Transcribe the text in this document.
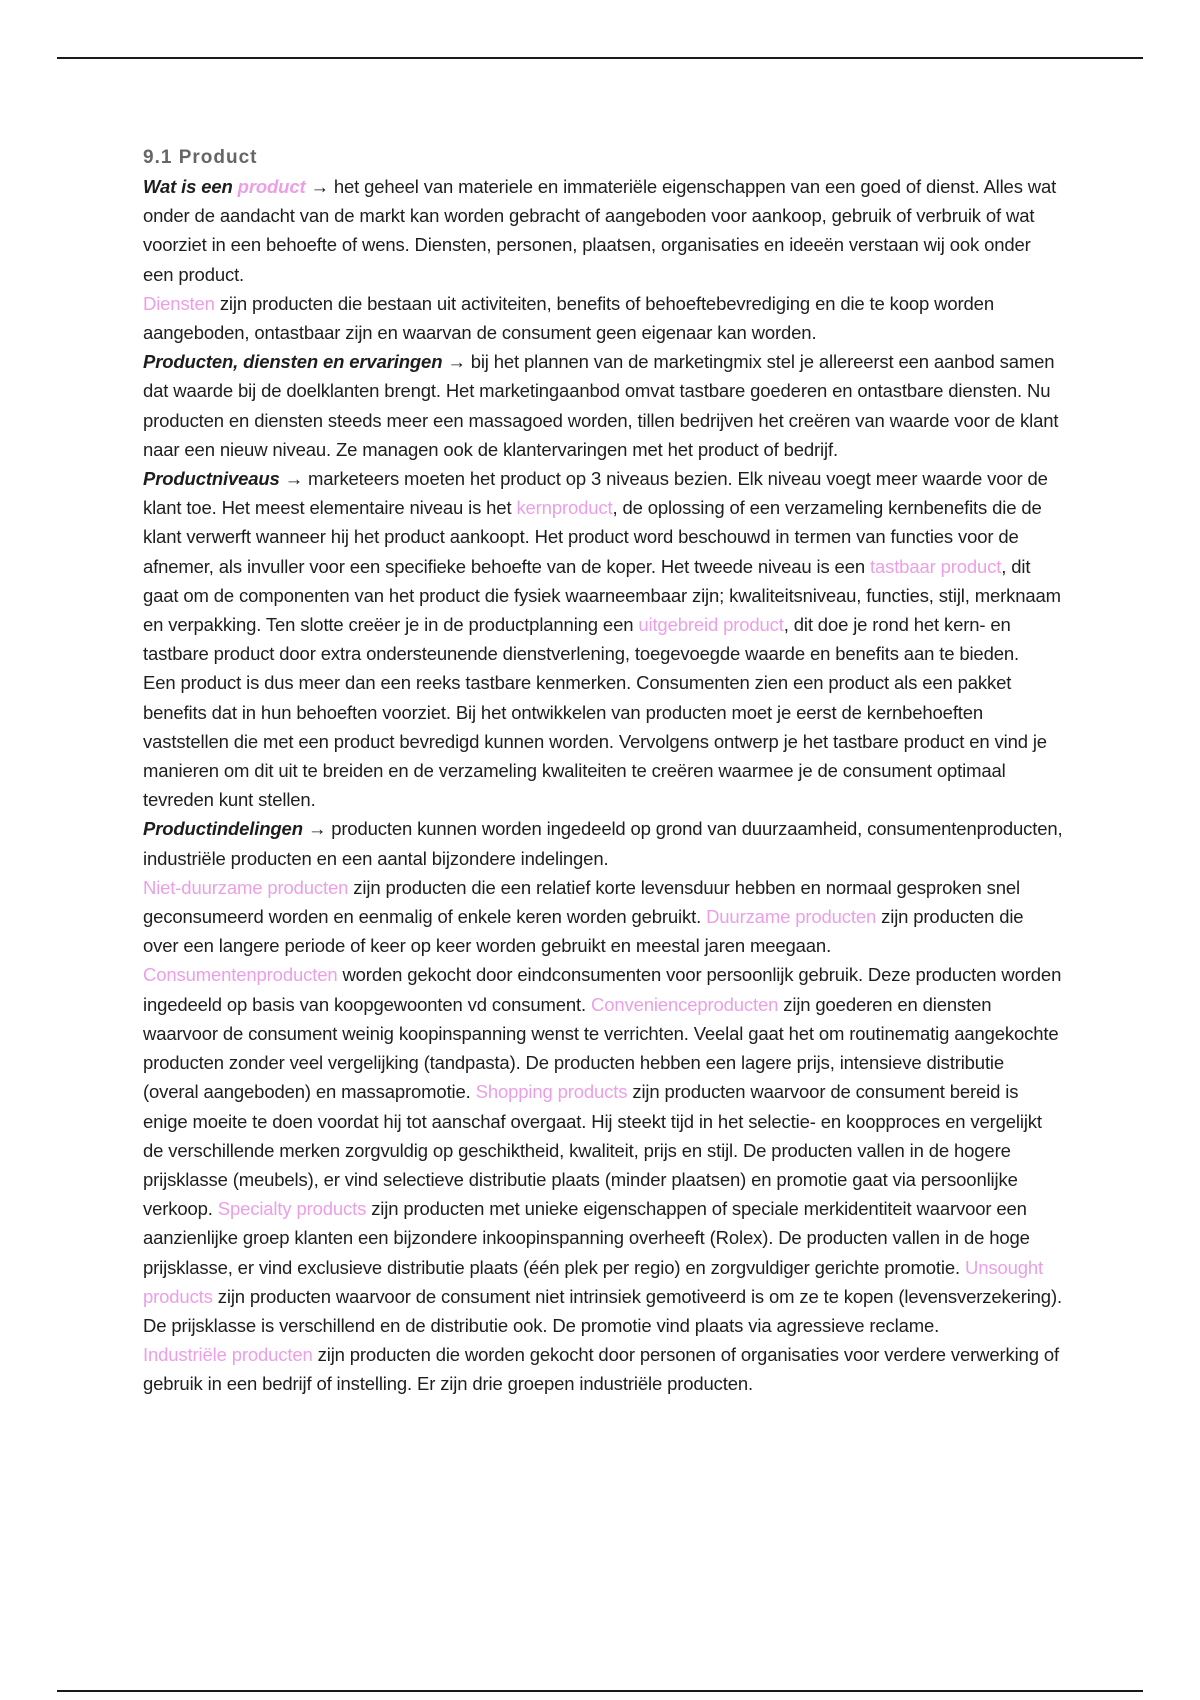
9.1 Product

Wat is een product → het geheel van materiele en immateriële eigenschappen van een goed of dienst. Alles wat onder de aandacht van de markt kan worden gebracht of aangeboden voor aankoop, gebruik of verbruik of wat voorziet in een behoefte of wens. Diensten, personen, plaatsen, organisaties en ideeën verstaan wij ook onder een product.

Diensten zijn producten die bestaan uit activiteiten, benefits of behoeftebevrediging en die te koop worden aangeboden, ontastbaar zijn en waarvan de consument geen eigenaar kan worden.

Producten, diensten en ervaringen → bij het plannen van de marketingmix stel je allereerst een aanbod samen dat waarde bij de doelklanten brengt. Het marketingaanbod omvat tastbare goederen en ontastbare diensten. Nu producten en diensten steeds meer een massagoed worden, tillen bedrijven het creëren van waarde voor de klant naar een nieuw niveau. Ze managen ook de klantervaringen met het product of bedrijf.

Productniveaus → marketeers moeten het product op 3 niveaus bezien. Elk niveau voegt meer waarde voor de klant toe. Het meest elementaire niveau is het kernproduct, de oplossing of een verzameling kernbenefits die de klant verwerft wanneer hij het product aankoopt. Het product word beschouwd in termen van functies voor de afnemer, als invuller voor een specifieke behoefte van de koper. Het tweede niveau is een tastbaar product, dit gaat om de componenten van het product die fysiek waarneembaar zijn; kwaliteitsniveau, functies, stijl, merknaam en verpakking. Ten slotte creëer je in de productplanning een uitgebreid product, dit doe je rond het kern- en tastbare product door extra ondersteunende dienstverlening, toegevoegde waarde en benefits aan te bieden.

Een product is dus meer dan een reeks tastbare kenmerken. Consumenten zien een product als een pakket benefits dat in hun behoeften voorziet. Bij het ontwikkelen van producten moet je eerst de kernbehoeften vaststellen die met een product bevredigd kunnen worden. Vervolgens ontwerp je het tastbare product en vind je manieren om dit uit te breiden en de verzameling kwaliteiten te creëren waarmee je de consument optimaal tevreden kunt stellen.

Productindelingen → producten kunnen worden ingedeeld op grond van duurzaamheid, consumentenproducten, industriële producten en een aantal bijzondere indelingen.

Niet-duurzame producten zijn producten die een relatief korte levensduur hebben en normaal gesproken snel geconsumeerd worden en eenmalig of enkele keren worden gebruikt. Duurzame producten zijn producten die over een langere periode of keer op keer worden gebruikt en meestal jaren meegaan.

Consumentenproducten worden gekocht door eindconsumenten voor persoonlijk gebruik. Deze producten worden ingedeeld op basis van koopgewoonten vd consument. Convenienceproducten zijn goederen en diensten waarvoor de consument weinig koopinspanning wenst te verrichten. Veelal gaat het om routinematig aangekochte producten zonder veel vergelijking (tandpasta). De producten hebben een lagere prijs, intensieve distributie (overal aangeboden) en massapromotie. Shopping products zijn producten waarvoor de consument bereid is enige moeite te doen voordat hij tot aanschaf overgaat. Hij steekt tijd in het selectie- en koopproces en vergelijkt de verschillende merken zorgvuldig op geschiktheid, kwaliteit, prijs en stijl. De producten vallen in de hogere prijsklasse (meubels), er vind selectieve distributie plaats (minder plaatsen) en promotie gaat via persoonlijke verkoop. Specialty products zijn producten met unieke eigenschappen of speciale merkidentiteit waarvoor een aanzienlijke groep klanten een bijzondere inkoopinspanning overheeft (Rolex). De producten vallen in de hoge prijsklasse, er vind exclusieve distributie plaats (één plek per regio) en zorgvuldiger gerichte promotie. Unsought products zijn producten waarvoor de consument niet intrinsiek gemotiveerd is om ze te kopen (levensverzekering). De prijsklasse is verschillend en de distributie ook. De promotie vind plaats via agressieve reclame.

Industriële producten zijn producten die worden gekocht door personen of organisaties voor verdere verwerking of gebruik in een bedrijf of instelling. Er zijn drie groepen industriële producten.
